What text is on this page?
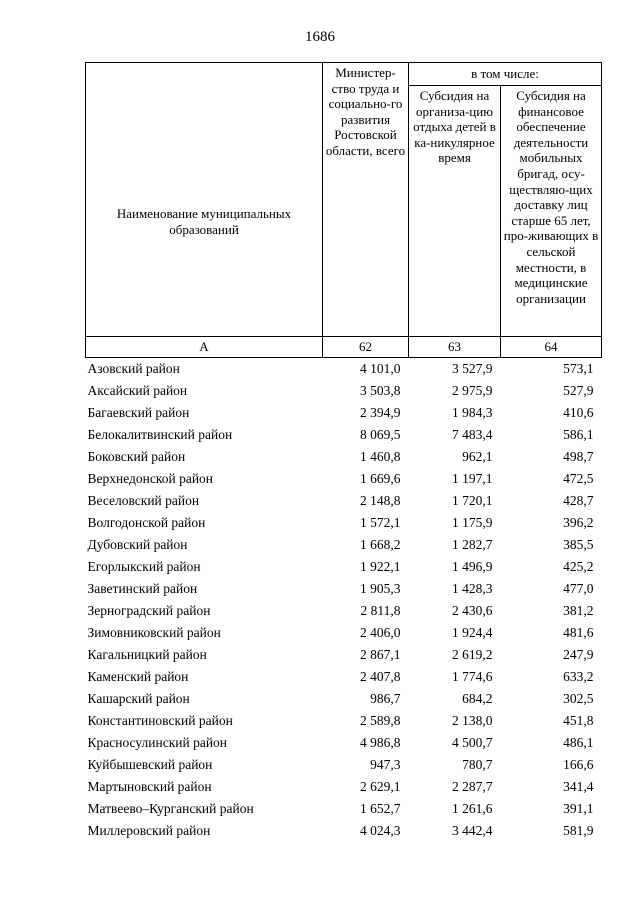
1686
Наименование муниципальных образований	Министер-ство труда и социально-го развития Ростовской области, всего	в том числе:	
		Субсидия на организа-цию отдыха детей в ка-никулярное время	Субсидия на финансовое обеспечение деятельности мобильных бригад, осу-ществляю-щих доставку лиц старше 65 лет, про-живающих в сельской местности, в медицинские организации
А	62	63	64
Азовский район	4 101,0	3 527,9	573,1
Аксайский район	3 503,8	2 975,9	527,9
Багаевский район	2 394,9	1 984,3	410,6
Белокалитвинский район	8 069,5	7 483,4	586,1
Боковский район	1 460,8	962,1	498,7
Верхнедонской район	1 669,6	1 197,1	472,5
Веселовский район	2 148,8	1 720,1	428,7
Волгодонской район	1 572,1	1 175,9	396,2
Дубовский район	1 668,2	1 282,7	385,5
Егорлыкский район	1 922,1	1 496,9	425,2
Заветинский район	1 905,3	1 428,3	477,0
Зерноградский район	2 811,8	2 430,6	381,2
Зимовниковский район	2 406,0	1 924,4	481,6
Кагальницкий район	2 867,1	2 619,2	247,9
Каменский район	2 407,8	1 774,6	633,2
Кашарский район	986,7	684,2	302,5
Константиновский район	2 589,8	2 138,0	451,8
Красносулинский район	4 986,8	4 500,7	486,1
Куйбышевский район	947,3	780,7	166,6
Мартыновский район	2 629,1	2 287,7	341,4
Матвеево–Курганский район	1 652,7	1 261,6	391,1
Миллеровский район	4 024,3	3 442,4	581,9
